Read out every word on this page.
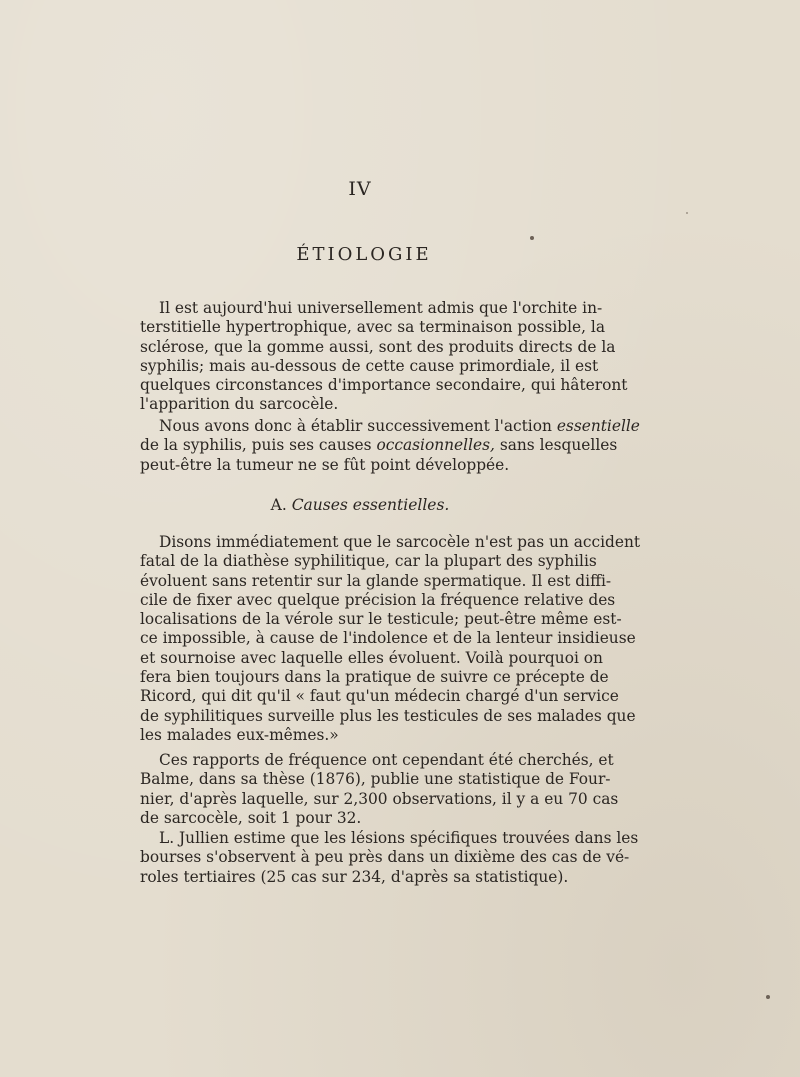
IV
ÉTIOLOGIE
Il est aujourd'hui universellement admis que l'orchite in-
terstitielle hypertrophique, avec sa terminaison possible, la
sclérose, que la gomme aussi, sont des produits directs de la
syphilis; mais au-dessous de cette cause primordiale, il est
quelques circonstances d'importance secondaire, qui hâteront
l'apparition du sarcocèle.
Nous avons donc à établir successivement l'action essentielle
de la syphilis, puis ses causes occasionnelles, sans lesquelles
peut-être la tumeur ne se fût point développée.
A. Causes essentielles.
Disons immédiatement que le sarcocèle n'est pas un accident
fatal de la diathèse syphilitique, car la plupart des syphilis
évoluent sans retentir sur la glande spermatique. Il est diffi-
cile de fixer avec quelque précision la fréquence relative des
localisations de la vérole sur le testicule; peut-être même est-
ce impossible, à cause de l'indolence et de la lenteur insidieuse
et sournoise avec laquelle elles évoluent. Voilà pourquoi on
fera bien toujours dans la pratique de suivre ce précepte de
Ricord, qui dit qu'il « faut qu'un médecin chargé d'un service
de syphilitiques surveille plus les testicules de ses malades que
les malades eux-mêmes.»
Ces rapports de fréquence ont cependant été cherchés, et
Balme, dans sa thèse (1876), publie une statistique de Four-
nier, d'après laquelle, sur 2,300 observations, il y a eu 70 cas
de sarcocèle, soit 1 pour 32.
L. Jullien estime que les lésions spécifiques trouvées dans les
bourses s'observent à peu près dans un dixième des cas de vé-
roles tertiaires (25 cas sur 234, d'après sa statistique).
